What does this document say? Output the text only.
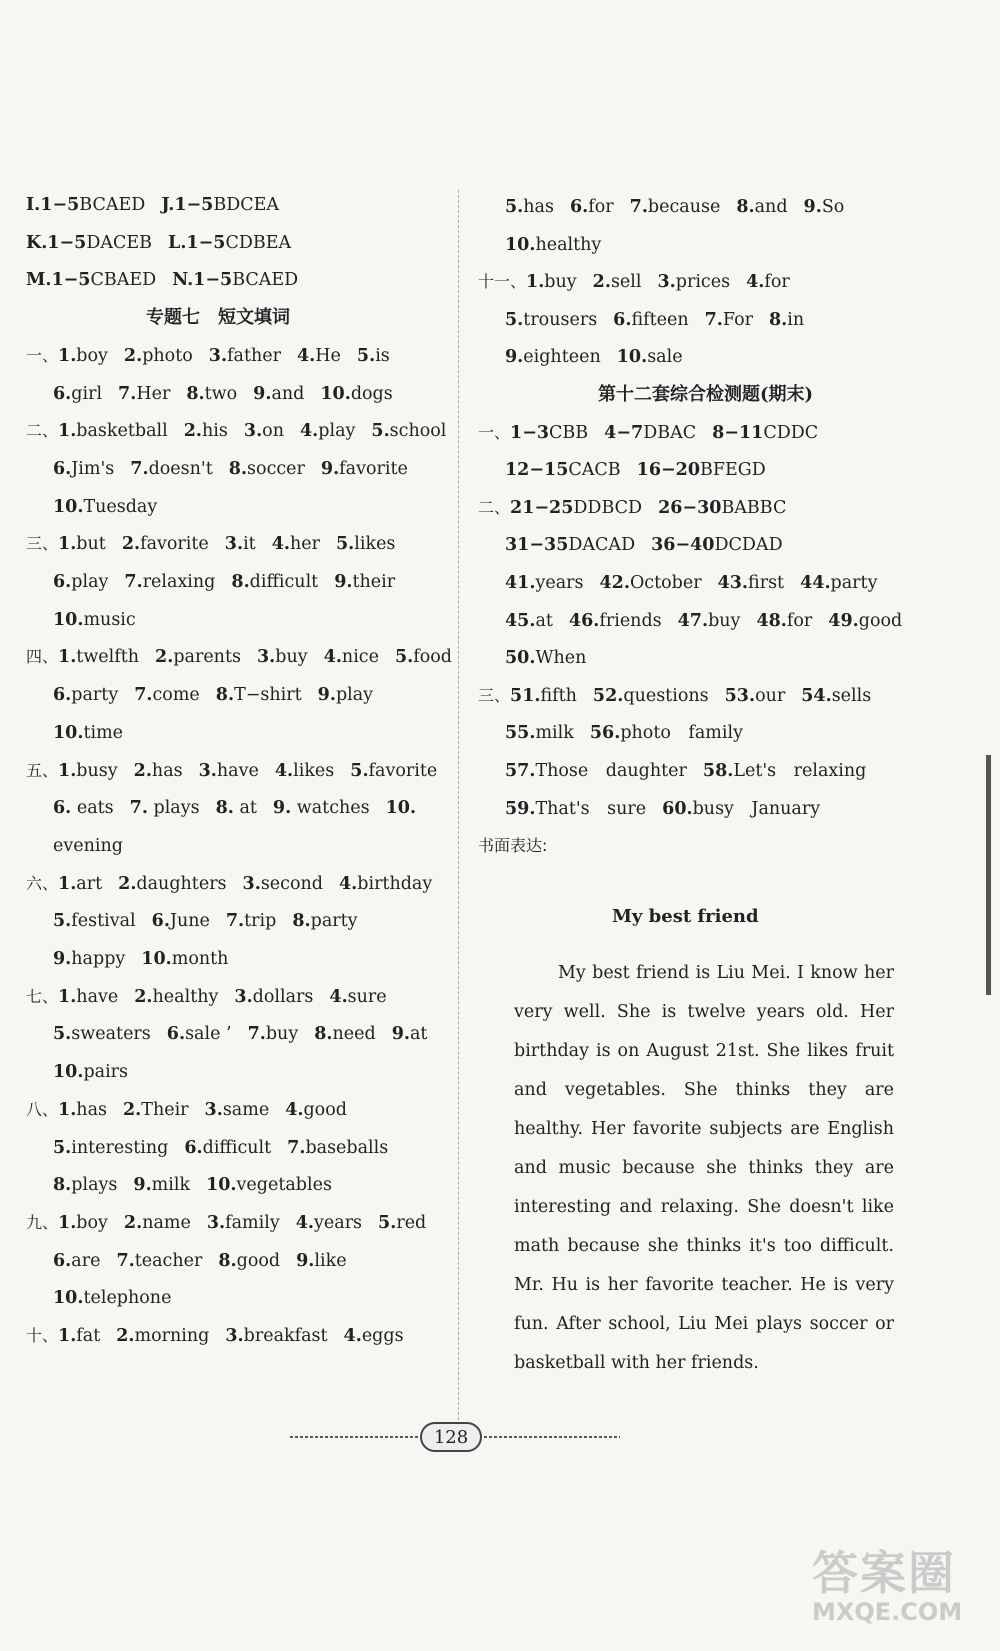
I.1−5BCAED J.1−5BDCEA
K.1−5DACEB L.1−5CDBEA
M.1−5CBAED N.1−5BCAED
专题七　短文填词
一、1.boy 2.photo 3.father 4.He 5.is
6.girl 7.Her 8.two 9.and 10.dogs
二、1.basketball 2.his 3.on 4.play 5.school
6.Jim's 7.doesn't 8.soccer 9.favorite
10.Tuesday
三、1.but 2.favorite 3.it 4.her 5.likes
6.play 7.relaxing 8.difficult 9.their
10.music
四、1.twelfth 2.parents 3.buy 4.nice 5.food
6.party 7.come 8.T−shirt 9.play
10.time
五、1.busy 2.has 3.have 4.likes 5.favorite
6. eats 7. plays 8. at 9. watches 10.
evening
六、1.art 2.daughters 3.second 4.birthday
5.festival 6.June 7.trip 8.party
9.happy 10.month
七、1.have 2.healthy 3.dollars 4.sure
5.sweaters 6.sale ’ 7.buy 8.need 9.at
10.pairs
八、1.has 2.Their 3.same 4.good
5.interesting 6.difficult 7.baseballs
8.plays 9.milk 10.vegetables
九、1.boy 2.name 3.family 4.years 5.red
6.are 7.teacher 8.good 9.like
10.telephone
十、1.fat 2.morning 3.breakfast 4.eggs
5.has 6.for 7.because 8.and 9.So
10.healthy
十一、1.buy 2.sell 3.prices 4.for
5.trousers 6.fifteen 7.For 8.in
9.eighteen 10.sale
第十二套综合检测题(期末)
一、1−3CBB 4−7DBAC 8−11CDDC
12−15CACB 16−20BFEGD
二、21−25DDBCD 26−30BABBC
31−35DACAD 36−40DCDAD
41.years 42.October 43.first 44.party
45.at 46.friends 47.buy 48.for 49.good
50.When
三、51.fifth 52.questions 53.our 54.sells
55.milk 56.photo　family
57.Those　daughter 58.Let's　relaxing
59.That's　sure 60.busy　January
书面表达:
My best friend
My best friend is Liu Mei. I know her very well. She is twelve years old. Her birthday is on August 21st. She likes fruit and vegetables. She thinks they are healthy. Her favorite subjects are English and music because she thinks they are interesting and relaxing. She doesn't like math because she thinks it's too difficult. Mr. Hu is her favorite teacher. He is very fun. After school, Liu Mei plays soccer or basketball with her friends.
128
答案圈
MXQE.COM
